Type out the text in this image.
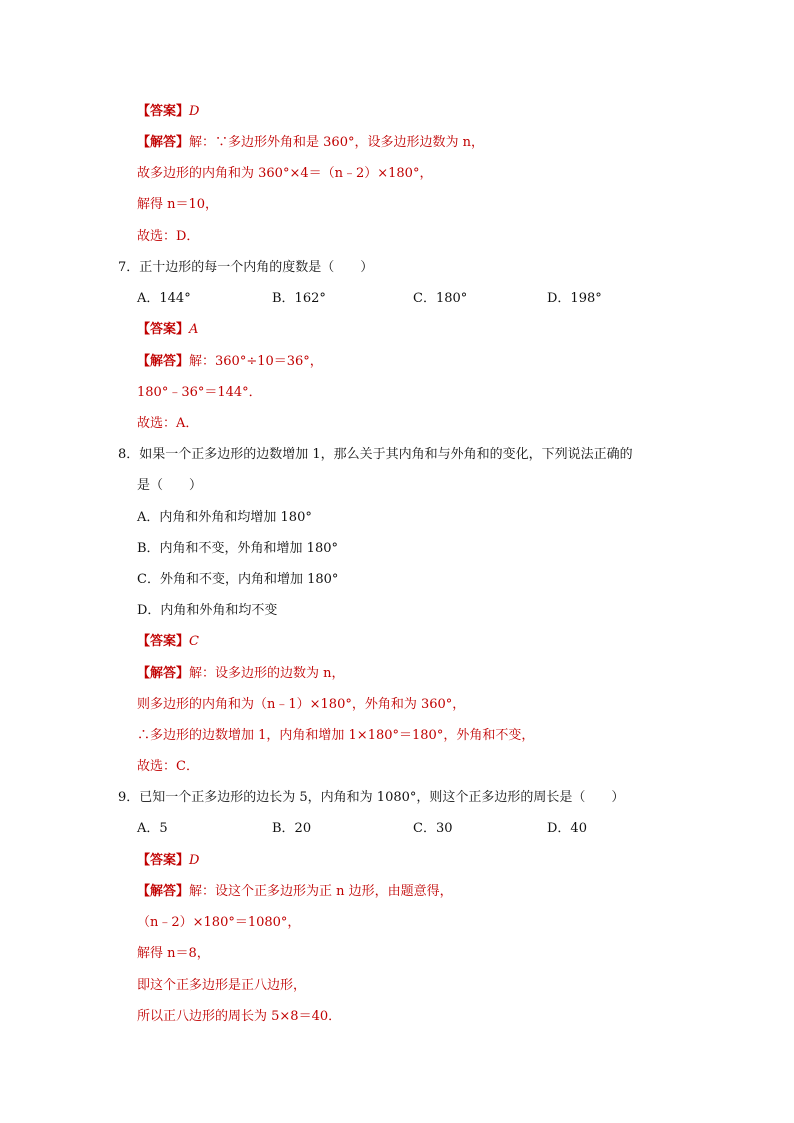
【答案】D
【解答】解：∵多边形外角和是 360°，设多边形边数为 n，
故多边形的内角和为 360°×4＝（n﹣2）×180°，
解得 n＝10，
故选：D．
7．正十边形的每一个内角的度数是（　　）
A．144°	B．162°	C．180°	D．198°
【答案】A
【解答】解：360°÷10＝36°，
180°﹣36°＝144°．
故选：A．
8．如果一个正多边形的边数增加 1，那么关于其内角和与外角和的变化，下列说法正确的
是（　　）
A．内角和外角和均增加 180°
B．内角和不变，外角和增加 180°
C．外角和不变，内角和增加 180°
D．内角和外角和均不变
【答案】C
【解答】解：设多边形的边数为 n，
则多边形的内角和为（n﹣1）×180°，外角和为 360°，
∴多边形的边数增加 1，内角和增加 1×180°＝180°，外角和不变，
故选：C．
9．已知一个正多边形的边长为 5，内角和为 1080°，则这个正多边形的周长是（　　）
A．5	B．20	C．30	D．40
【答案】D
【解答】解：设这个正多边形为正 n 边形，由题意得，
（n﹣2）×180°＝1080°，
解得 n＝8，
即这个正多边形是正八边形，
所以正八边形的周长为 5×8＝40．
